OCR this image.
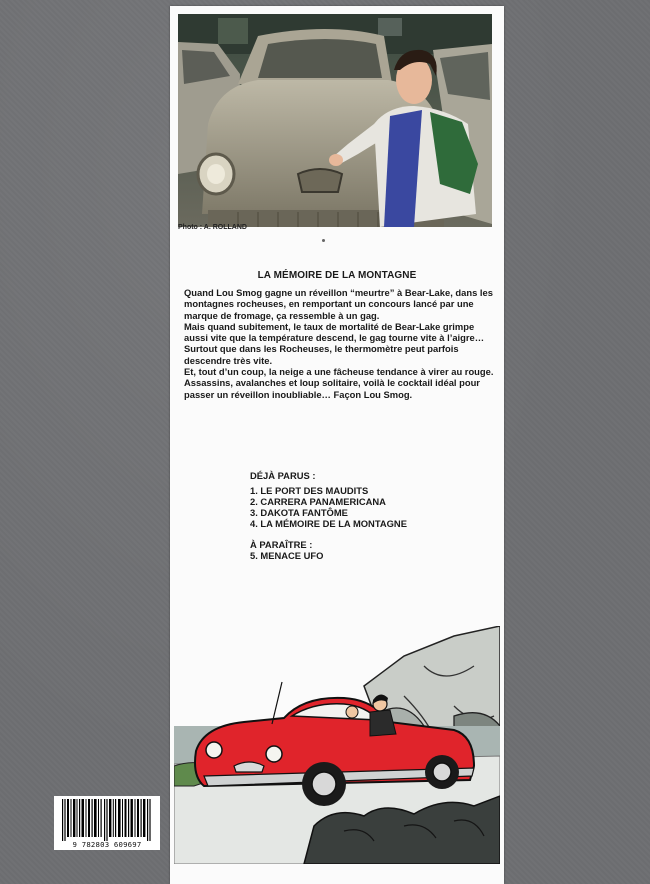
Photo : A. ROLLAND
LA MÉMOIRE DE LA MONTAGNE

Quand Lou Smog gagne un réveillon “meurtre” à Bear-Lake, dans les montagnes rocheuses, en remportant un concours lancé par une marque de fromage, ça ressemble à un gag.

Mais quand subitement, le taux de mortalité de Bear-Lake grimpe aussi vite que la température descend, le gag tourne vite à l’aigre…

Surtout que dans les Rocheuses, le thermomètre peut parfois descendre très vite.

Et, tout d’un coup, la neige a une fâcheuse tendance à virer au rouge.

Assassins, avalanches et loup solitaire, voilà le cocktail idéal pour passer un réveillon inoubliable… Façon Lou Smog.

DÉJÀ PARUS :
1. LE PORT DES MAUDITS
2. CARRERA PANAMERICANA
3. DAKOTA FANTÔME
4. LA MÉMOIRE DE LA MONTAGNE
À PARAÎTRE :
5. MENACE UFO
9 782803 609697
